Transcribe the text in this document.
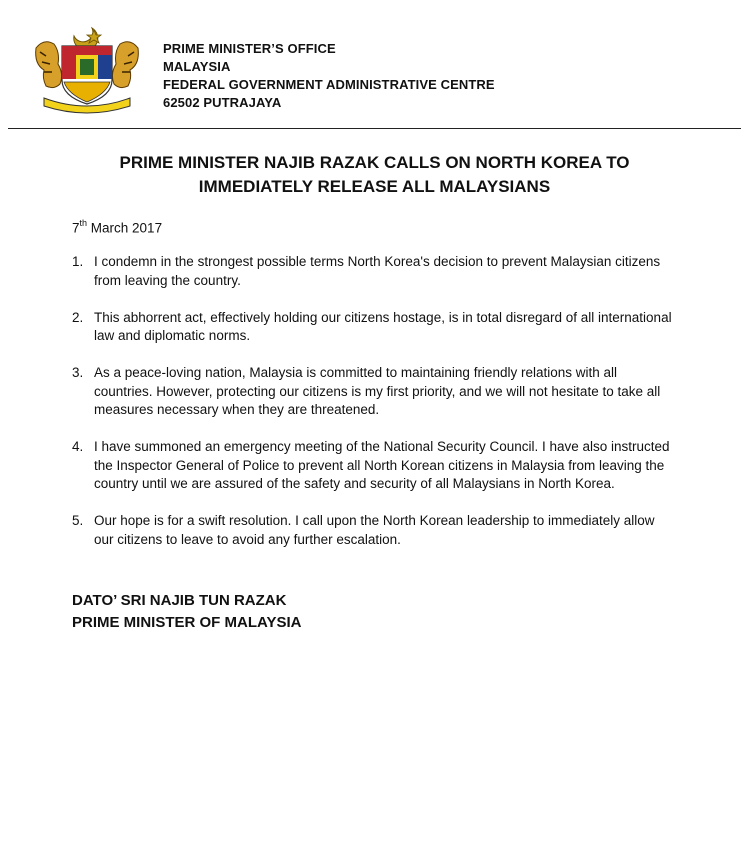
PRIME MINISTER’S OFFICE
MALAYSIA
FEDERAL GOVERNMENT ADMINISTRATIVE CENTRE
62502 PUTRAJAYA
PRIME MINISTER NAJIB RAZAK CALLS ON NORTH KOREA TO
IMMEDIATELY RELEASE ALL MALAYSIANS
7th March 2017
1. I condemn in the strongest possible terms North Korea's decision to prevent Malaysian citizens from leaving the country.
2. This abhorrent act, effectively holding our citizens hostage, is in total disregard of all international law and diplomatic norms.
3. As a peace-loving nation, Malaysia is committed to maintaining friendly relations with all countries. However, protecting our citizens is my first priority, and we will not hesitate to take all measures necessary when they are threatened.
4. I have summoned an emergency meeting of the National Security Council. I have also instructed the Inspector General of Police to prevent all North Korean citizens in Malaysia from leaving the country until we are assured of the safety and security of all Malaysians in North Korea.
5. Our hope is for a swift resolution. I call upon the North Korean leadership to immediately allow our citizens to leave to avoid any further escalation.
DATO’ SRI NAJIB TUN RAZAK
PRIME MINISTER OF MALAYSIA
